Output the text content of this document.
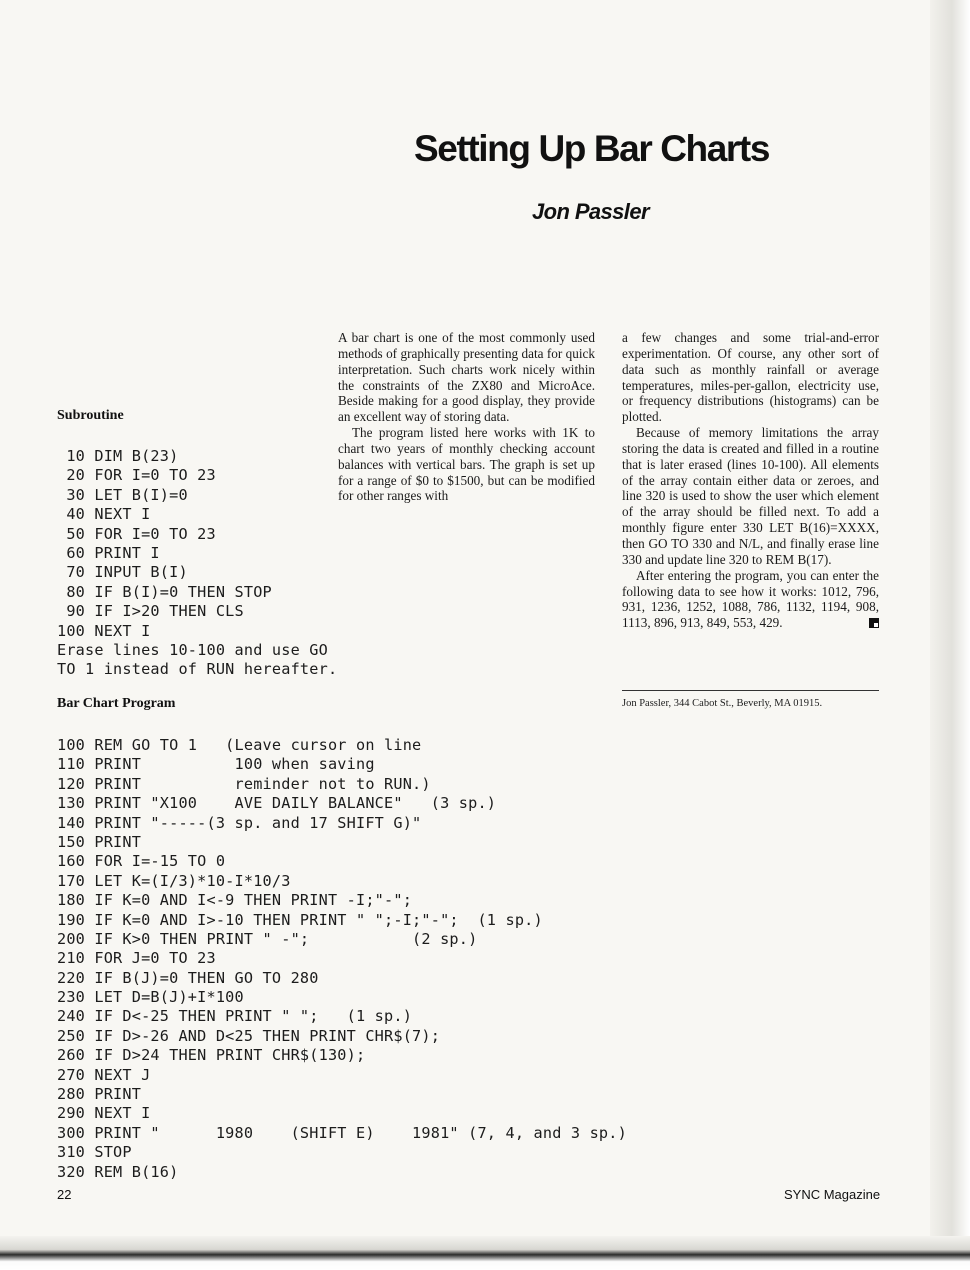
Setting Up Bar Charts
Jon Passler

A bar chart is one of the most commonly used methods of graphically presenting data for quick interpretation. Such charts work nicely within the constraints of the ZX80 and MicroAce. Beside making for a good display, they provide an excellent way of storing data.

The program listed here works with 1K to chart two years of monthly checking account balances with vertical bars. The graph is set up for a range of $0 to $1500, but can be modified for other ranges with

a few changes and some trial-and-error experimentation. Of course, any other sort of data such as monthly rainfall or average temperatures, miles-per-gallon, electricity use, or frequency distributions (histograms) can be plotted.

Because of memory limitations the array storing the data is created and filled in a routine that is later erased (lines 10-100). All elements of the array contain either data or zeroes, and line 320 is used to show the user which element of the array should be filled next. To add a monthly figure enter 330 LET B(16)=XXXX, then GO TO 330 and N/L, and finally erase line 330 and update line 320 to REM B(17).

After entering the program, you can enter the following data to see how it works: 1012, 796, 931, 1236, 1252, 1088, 786, 1132, 1194, 908, 1113, 896, 913, 849, 553, 429.

Jon Passler, 344 Cabot St., Beverly, MA 01915.
Subroutine
10 DIM B(23)
20 FOR I=0 TO 23
30 LET B(I)=0
40 NEXT I
50 FOR I=0 TO 23
60 PRINT I
70 INPUT B(I)
80 IF B(I)=0 THEN STOP
90 IF I>20 THEN CLS
100 NEXT I
Erase lines 10-100 and use GO
TO 1 instead of RUN hereafter.
Bar Chart Program
100 REM GO TO 1   (Leave cursor on line
110 PRINT          100 when saving
120 PRINT          reminder not to RUN.)
130 PRINT "X100    AVE DAILY BALANCE"   (3 sp.)
140 PRINT "-----(3 sp. and 17 SHIFT G)"
150 PRINT
160 FOR I=-15 TO 0
170 LET K=(I/3)*10-I*10/3
180 IF K=0 AND I<-9 THEN PRINT -I;"-";
190 IF K=0 AND I>-10 THEN PRINT " ";-I;"-";  (1 sp.)
200 IF K>0 THEN PRINT " -";           (2 sp.)
210 FOR J=0 TO 23
220 IF B(J)=0 THEN GO TO 280
230 LET D=B(J)+I*100
240 IF D<-25 THEN PRINT " ";   (1 sp.)
250 IF D>-26 AND D<25 THEN PRINT CHR$(7);
260 IF D>24 THEN PRINT CHR$(130);
270 NEXT J
280 PRINT
290 NEXT I
300 PRINT "      1980    (SHIFT E)    1981" (7, 4, and 3 sp.)
310 STOP
320 REM B(16)
22	SYNC Magazine
